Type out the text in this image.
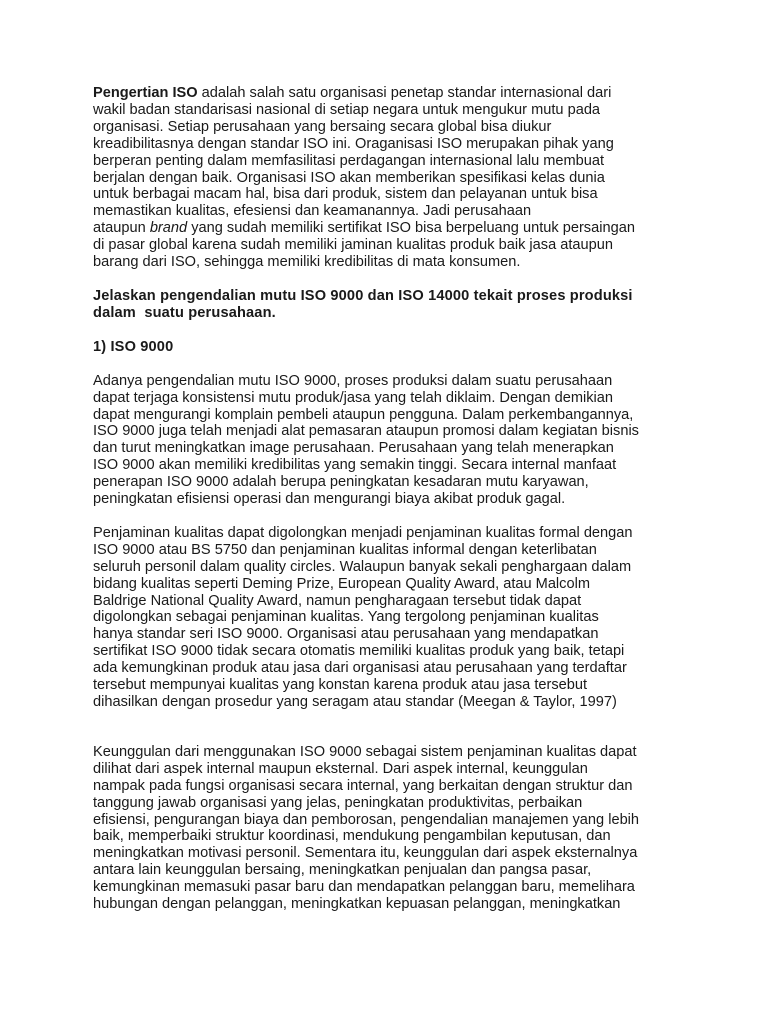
Pengertian ISO adalah salah satu organisasi penetap standar internasional dari
wakil badan standarisasi nasional di setiap negara untuk mengukur mutu pada
organisasi. Setiap perusahaan yang bersaing secara global bisa diukur
kreadibilitasnya dengan standar ISO ini. Oraganisasi ISO merupakan pihak yang
berperan penting dalam memfasilitasi perdagangan internasional lalu membuat
berjalan dengan baik. Organisasi ISO akan memberikan spesifikasi kelas dunia
untuk berbagai macam hal, bisa dari produk, sistem dan pelayanan untuk bisa
memastikan kualitas, efesiensi dan keamanannya. Jadi perusahaan
ataupun brand yang sudah memiliki sertifikat ISO bisa berpeluang untuk persaingan
di pasar global karena sudah memiliki jaminan kualitas produk baik jasa ataupun
barang dari ISO, sehingga memiliki kredibilitas di mata konsumen.
Jelaskan pengendalian mutu ISO 9000 dan ISO 14000 tekait proses produksi
dalam  suatu perusahaan.
1) ISO 9000
Adanya pengendalian mutu ISO 9000, proses produksi dalam suatu perusahaan
dapat terjaga konsistensi mutu produk/jasa yang telah diklaim. Dengan demikian
dapat mengurangi komplain pembeli ataupun pengguna. Dalam perkembangannya,
ISO 9000 juga telah menjadi alat pemasaran ataupun promosi dalam kegiatan bisnis
dan turut meningkatkan image perusahaan. Perusahaan yang telah menerapkan
ISO 9000 akan memiliki kredibilitas yang semakin tinggi. Secara internal manfaat
penerapan ISO 9000 adalah berupa peningkatan kesadaran mutu karyawan,
peningkatan efisiensi operasi dan mengurangi biaya akibat produk gagal.
Penjaminan kualitas dapat digolongkan menjadi penjaminan kualitas formal dengan
ISO 9000 atau BS 5750 dan penjaminan kualitas informal dengan keterlibatan
seluruh personil dalam quality circles. Walaupun banyak sekali penghargaan dalam
bidang kualitas seperti Deming Prize, European Quality Award, atau Malcolm
Baldrige National Quality Award, namun pengharagaan tersebut tidak dapat
digolongkan sebagai penjaminan kualitas. Yang tergolong penjaminan kualitas
hanya standar seri ISO 9000. Organisasi atau perusahaan yang mendapatkan
sertifikat ISO 9000 tidak secara otomatis memiliki kualitas produk yang baik, tetapi
ada kemungkinan produk atau jasa dari organisasi atau perusahaan yang terdaftar
tersebut mempunyai kualitas yang konstan karena produk atau jasa tersebut
dihasilkan dengan prosedur yang seragam atau standar (Meegan & Taylor, 1997)
Keunggulan dari menggunakan ISO 9000 sebagai sistem penjaminan kualitas dapat
dilihat dari aspek internal maupun eksternal. Dari aspek internal, keunggulan
nampak pada fungsi organisasi secara internal, yang berkaitan dengan struktur dan
tanggung jawab organisasi yang jelas, peningkatan produktivitas, perbaikan
efisiensi, pengurangan biaya dan pemborosan, pengendalian manajemen yang lebih
baik, memperbaiki struktur koordinasi, mendukung pengambilan keputusan, dan
meningkatkan motivasi personil. Sementara itu, keunggulan dari aspek eksternalnya
antara lain keunggulan bersaing, meningkatkan penjualan dan pangsa pasar,
kemungkinan memasuki pasar baru dan mendapatkan pelanggan baru, memelihara
hubungan dengan pelanggan, meningkatkan kepuasan pelanggan, meningkatkan
